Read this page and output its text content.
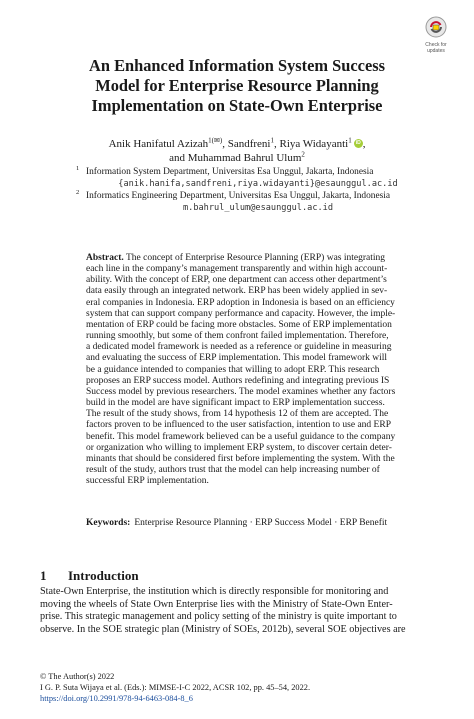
Check for
updates
An Enhanced Information System Success
Model for Enterprise Resource Planning
Implementation on State-Own Enterprise
Anik Hanifatul Azizah$^{1(✉)}$, Sandfreni$^1$, Riya Widayanti$^1$iD ,
and Muhammad Bahrul Ulum$^2$
1 Information System Department, Universitas Esa Unggul, Jakarta, Indonesia
{anik.hanifa,sandfreni,riya.widayanti}@esaunggul.ac.id
2 Informatics Engineering Department, Universitas Esa Unggul, Jakarta, Indonesia
m.bahrul_ulum@esaunggul.ac.id
Abstract. The concept of Enterprise Resource Planning (ERP) was integrating
each line in the company’s management transparently and within high account-
ability. With the concept of ERP, one department can access other department’s
data easily through an integrated network. ERP has been widely applied in sev-
eral companies in Indonesia. ERP adoption in Indonesia is based on an efficiency
system that can support company performance and capacity. However, the imple-
mentation of ERP could be facing more obstacles. Some of ERP implementation
running smoothly, but some of them confront failed implementation. Therefore,
a dedicated model framework is needed as a reference or guideline in measuring
and evaluating the success of ERP implementation. This model framework will
be a guidance intended to companies that willing to adopt ERP. This research
proposes an ERP success model. Authors redefining and integrating previous IS
Success model by previous researchers. The model examines whether any factors
build in the model are have significant impact to ERP implementation success.
The result of the study shows, from 14 hypothesis 12 of them are accepted. The
factors proven to be influenced to the user satisfaction, intention to use and ERP
benefit. This model framework believed can be a useful guidance to the company
or organization who willing to implement ERP system, to discover certain deter-
minants that should be considered first before implementing the system. With the
result of the study, authors trust that the model can help increasing number of
successful ERP implementation.
Keywords: Enterprise Resource Planning · ERP Success Model · ERP Benefit
1 Introduction
State-Own Enterprise, the institution which is directly responsible for monitoring and
moving the wheels of State Own Enterprise lies with the Ministry of State-Own Enter-
prise. This strategic management and policy setting of the ministry is quite important to
observe. In the SOE strategic plan (Ministry of SOEs, 2012b), several SOE objectives are
© The Author(s) 2022
I G. P. Suta Wijaya et al. (Eds.): MIMSE-I-C 2022, ACSR 102, pp. 45–54, 2022.
https://doi.org/10.2991/978-94-6463-084-8_6
